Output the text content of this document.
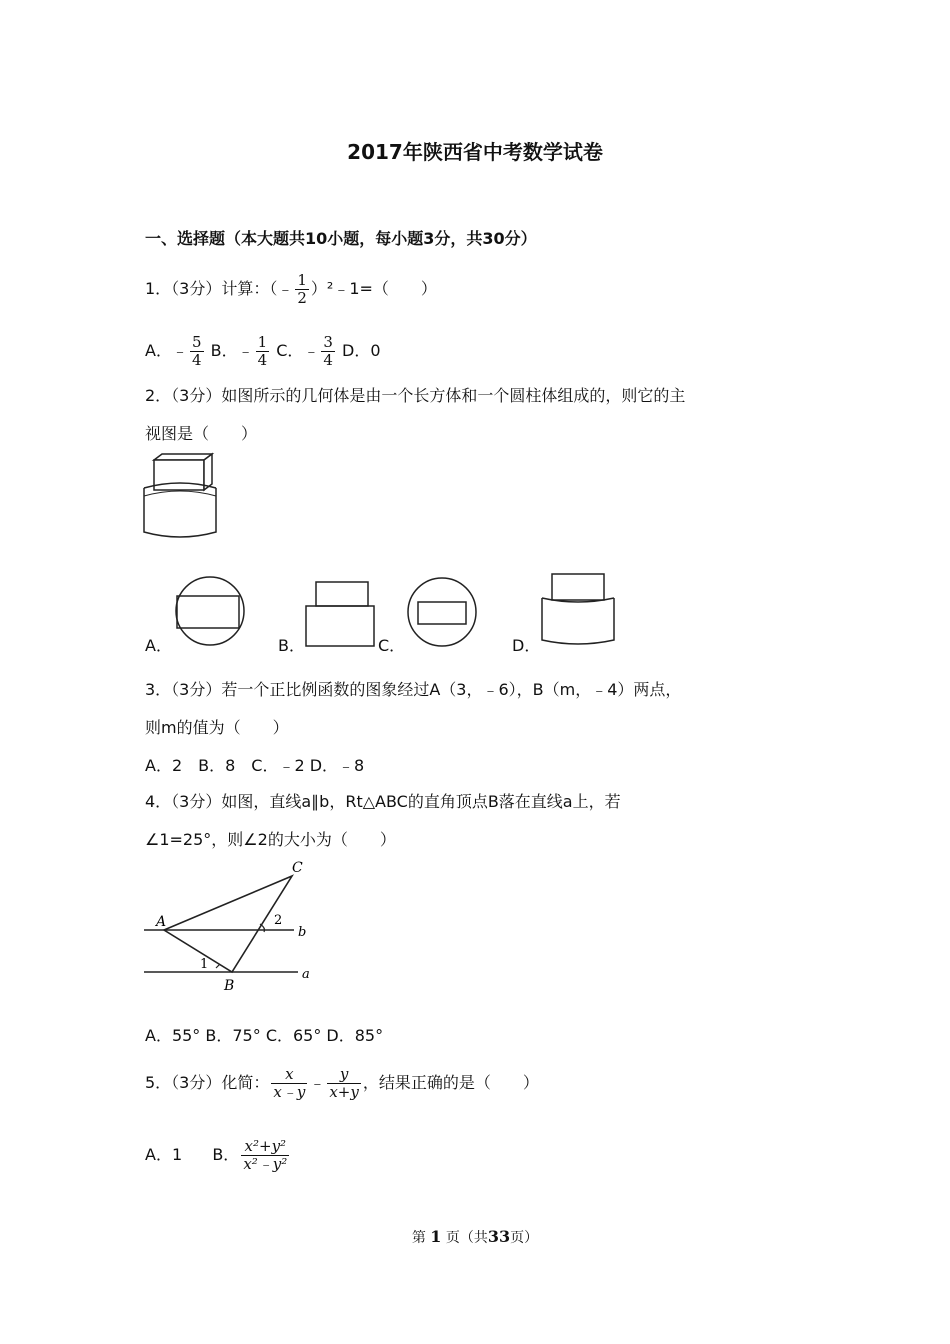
2017年陕西省中考数学试卷
一、选择题（本大题共10小题，每小题3分，共30分）
1．（3分）计算：（﹣ $\frac{1}{2}$ ）²﹣1=（　　）
A．﹣ $\frac{5}{4}$ B．﹣ $\frac{1}{4}$ C．﹣ $\frac{3}{4}$ D．0
2．（3分）如图所示的几何体是由一个长方体和一个圆柱体组成的，则它的主
视图是（　　）
A．	B．	C．	D．
3．（3分）若一个正比例函数的图象经过A（3，﹣6），B（m，﹣4）两点，
则m的值为（　　）
A．2　B．8　C．﹣2 D．﹣8
4．（3分）如图，直线a∥b，Rt△ABC的直角顶点B落在直线a上，若
∠1=25°，则∠2的大小为（　　）
C
A
B
b
a
1
2
A．55° B．75° C．65° D．85°
5．（3分）化简： $\frac{x}{x﹣y}$ ﹣ $\frac{y}{x+y}$ ，结果正确的是（　　）
A．1 B． $\frac{\text{x²+y²}}{\text{x²﹣y²}}$
第 1 页（共33页）
